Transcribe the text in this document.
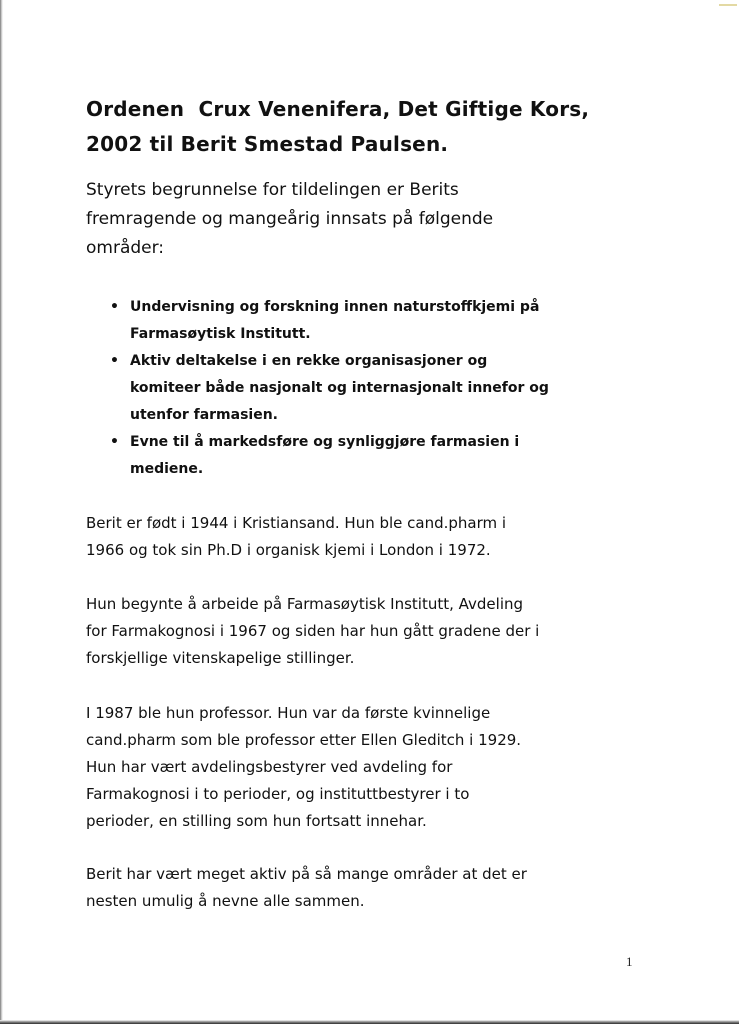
Ordenen  Crux Venenifera, Det Giftige Kors,
2002 til Berit Smestad Paulsen.
Styrets begrunnelse for tildelingen er Berits
fremragende og mangeårig innsats på følgende
områder:
• Undervisning og forskning innen naturstoffkjemi på
Farmasøytisk Institutt.
• Aktiv deltakelse i en rekke organisasjoner og
komiteer både nasjonalt og internasjonalt innefor og
utenfor farmasien.
• Evne til å markedsføre og synliggjøre farmasien i
mediene.
Berit er født i 1944 i Kristiansand. Hun ble cand.pharm i
1966 og tok sin Ph.D i organisk kjemi i London i 1972.
Hun begynte å arbeide på Farmasøytisk Institutt, Avdeling
for Farmakognosi i 1967 og siden har hun gått gradene der i
forskjellige vitenskapelige stillinger.
I 1987 ble hun professor. Hun var da første kvinnelige
cand.pharm som ble professor etter Ellen Gleditch i 1929.
Hun har vært avdelingsbestyrer ved avdeling for
Farmakognosi i to perioder, og instituttbestyrer i to
perioder, en stilling som hun fortsatt innehar.
Berit har vært meget aktiv på så mange områder at det er
nesten umulig å nevne alle sammen.
1
